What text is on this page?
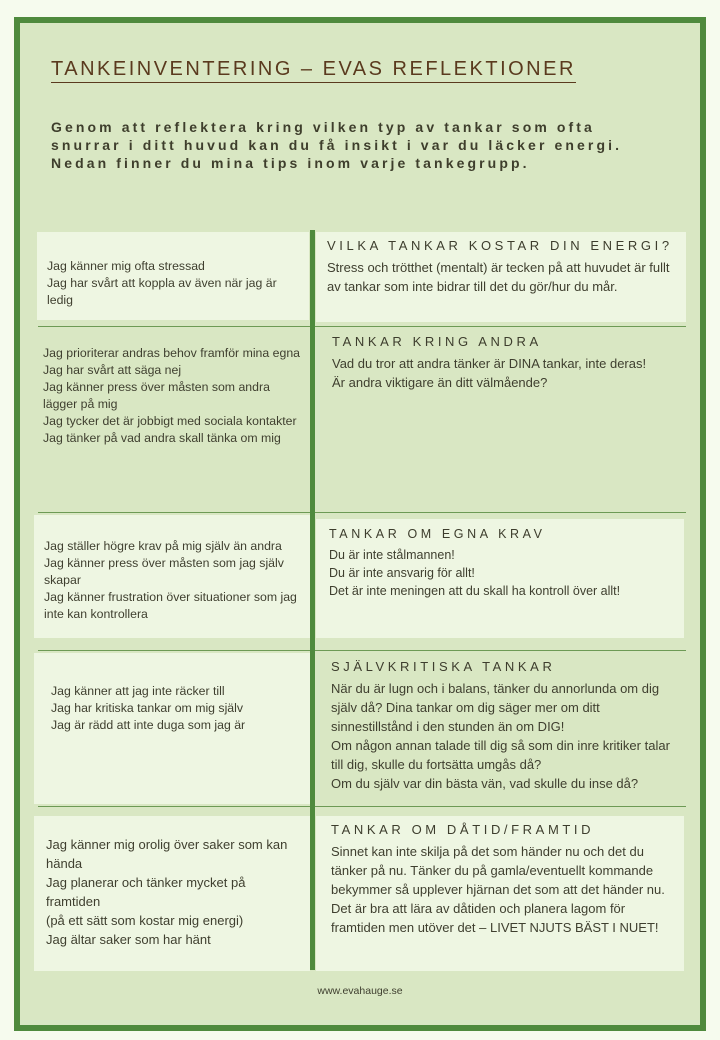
TANKEINVENTERING – EVAS REFLEKTIONER
Genom att reflektera kring vilken typ av tankar som ofta
snurrar i ditt huvud kan du få insikt i var du läcker energi.
Nedan finner du mina tips inom varje tankegrupp.
Jag känner mig ofta stressad
Jag har svårt att koppla av även när jag är ledig
VILKA TANKAR KOSTAR DIN ENERGI?
Stress och trötthet (mentalt) är tecken på att huvudet är fullt av tankar som inte bidrar till det du gör/hur du mår.
Jag prioriterar andras behov framför mina egna
Jag har svårt att säga nej
Jag känner press över måsten som andra lägger på mig
Jag tycker det är jobbigt med sociala kontakter
Jag tänker på vad andra skall tänka om mig
TANKAR KRING ANDRA
Vad du tror att andra tänker är DINA tankar, inte deras!
Är andra viktigare än ditt välmående?
Jag ställer högre krav på mig själv än andra
Jag känner press över måsten som jag själv skapar
Jag känner frustration över situationer som jag inte kan kontrollera
TANKAR OM EGNA KRAV
Du är inte stålmannen!
Du är inte ansvarig för allt!
Det är inte meningen att du skall ha kontroll över allt!
Jag känner att jag inte räcker till
Jag har kritiska tankar om mig själv
Jag är rädd att inte duga som jag är
SJÄLVKRITISKA TANKAR
När du är lugn och i balans, tänker du annorlunda om dig själv då? Dina tankar om dig säger mer om ditt sinnestillstånd i den stunden än om DIG!
Om någon annan talade till dig så som din inre kritiker talar till dig, skulle du fortsätta umgås då?
Om du själv var din bästa vän, vad skulle du inse då?
Jag känner mig orolig över saker som kan hända
Jag planerar och tänker mycket på framtiden
(på ett sätt som kostar mig energi)
Jag ältar saker som har hänt
TANKAR OM DÅTID/FRAMTID
Sinnet kan inte skilja på det som händer nu och det du tänker på nu. Tänker du på gamla/eventuellt kommande bekymmer så upplever hjärnan det som att det händer nu. Det är bra att lära av dåtiden och planera lagom för framtiden men utöver det – LIVET NJUTS BÄST I NUET!
www.evahauge.se
